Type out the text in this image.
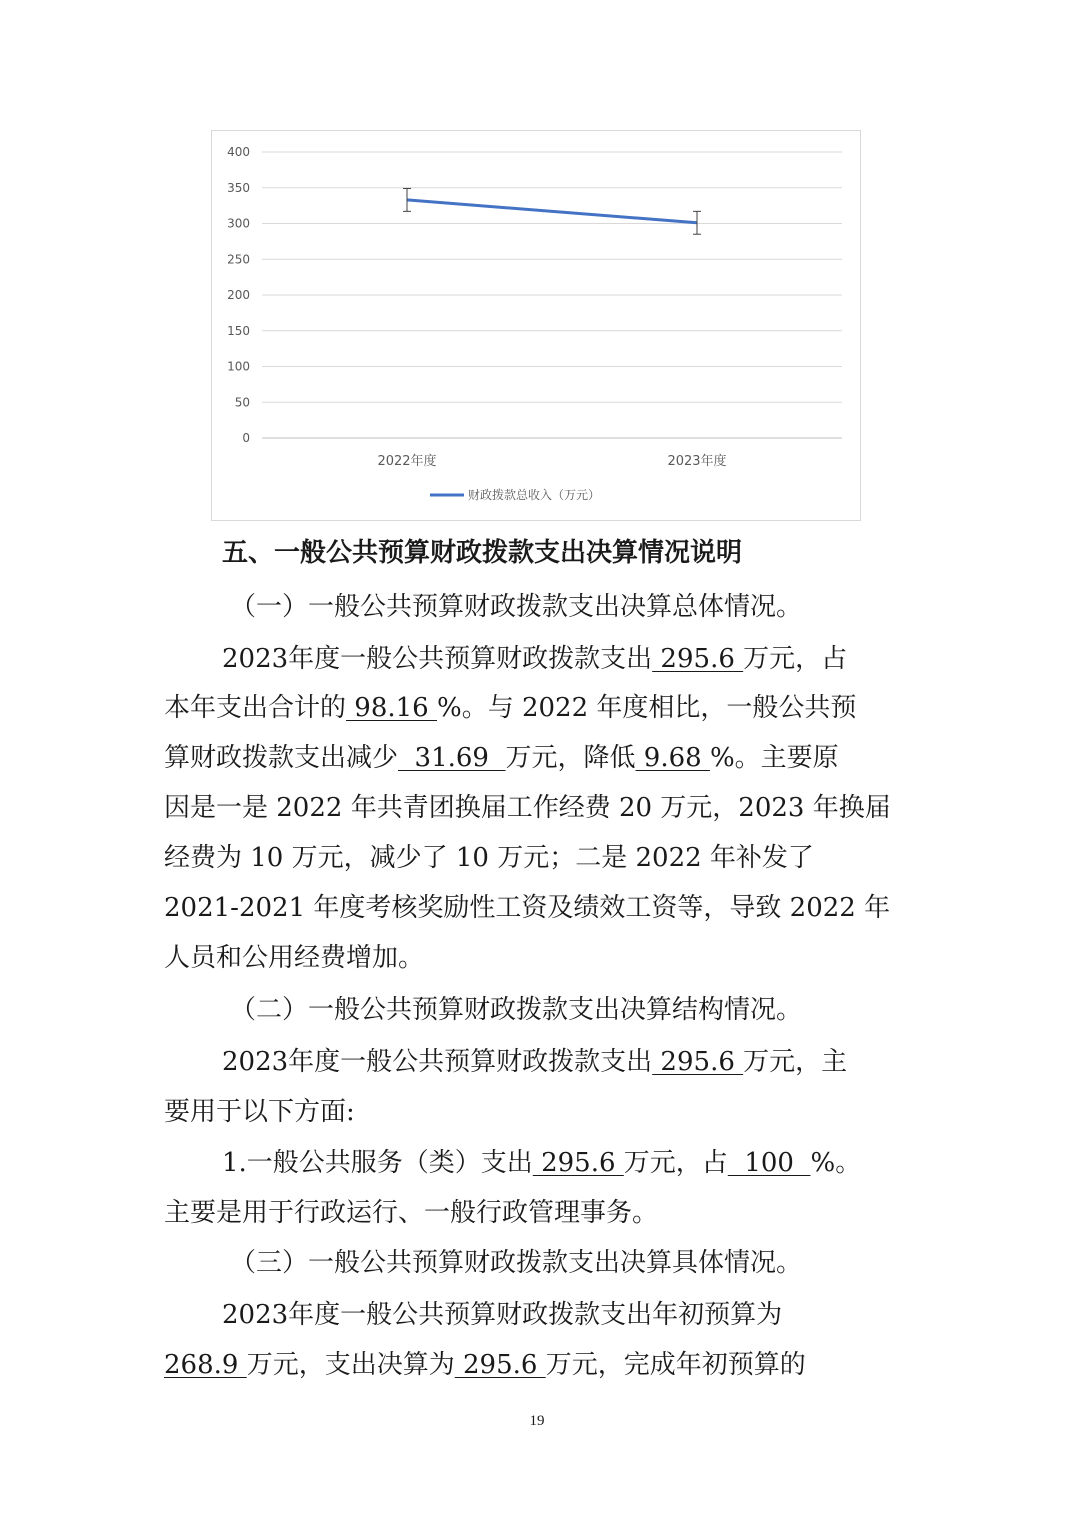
0
50
100
150
200
250
300
350
400
2022年度	2023年度
财政拨款总收入（万元）
五、一般公共预算财政拨款支出决算情况说明
（一）一般公共预算财政拨款支出决算总体情况。
2023年度一般公共预算财政拨款支出 295.6 万元，占
本年支出合计的 98.16 %。与 2022 年度相比，一般公共预
算财政拨款支出减少  31.69  万元，降低 9.68 %。主要原
因是一是 2022 年共青团换届工作经费 20 万元，2023 年换届
经费为 10 万元，减少了 10 万元；二是 2022 年补发了
2021-2021 年度考核奖励性工资及绩效工资等，导致 2022 年
人员和公用经费增加。
（二）一般公共预算财政拨款支出决算结构情况。
2023年度一般公共预算财政拨款支出 295.6 万元，主
要用于以下方面:
1.一般公共服务（类）支出 295.6 万元，占  100  %。
主要是用于行政运行、一般行政管理事务。
（三）一般公共预算财政拨款支出决算具体情况。
2023年度一般公共预算财政拨款支出年初预算为
268.9 万元，支出决算为 295.6 万元，完成年初预算的
19
